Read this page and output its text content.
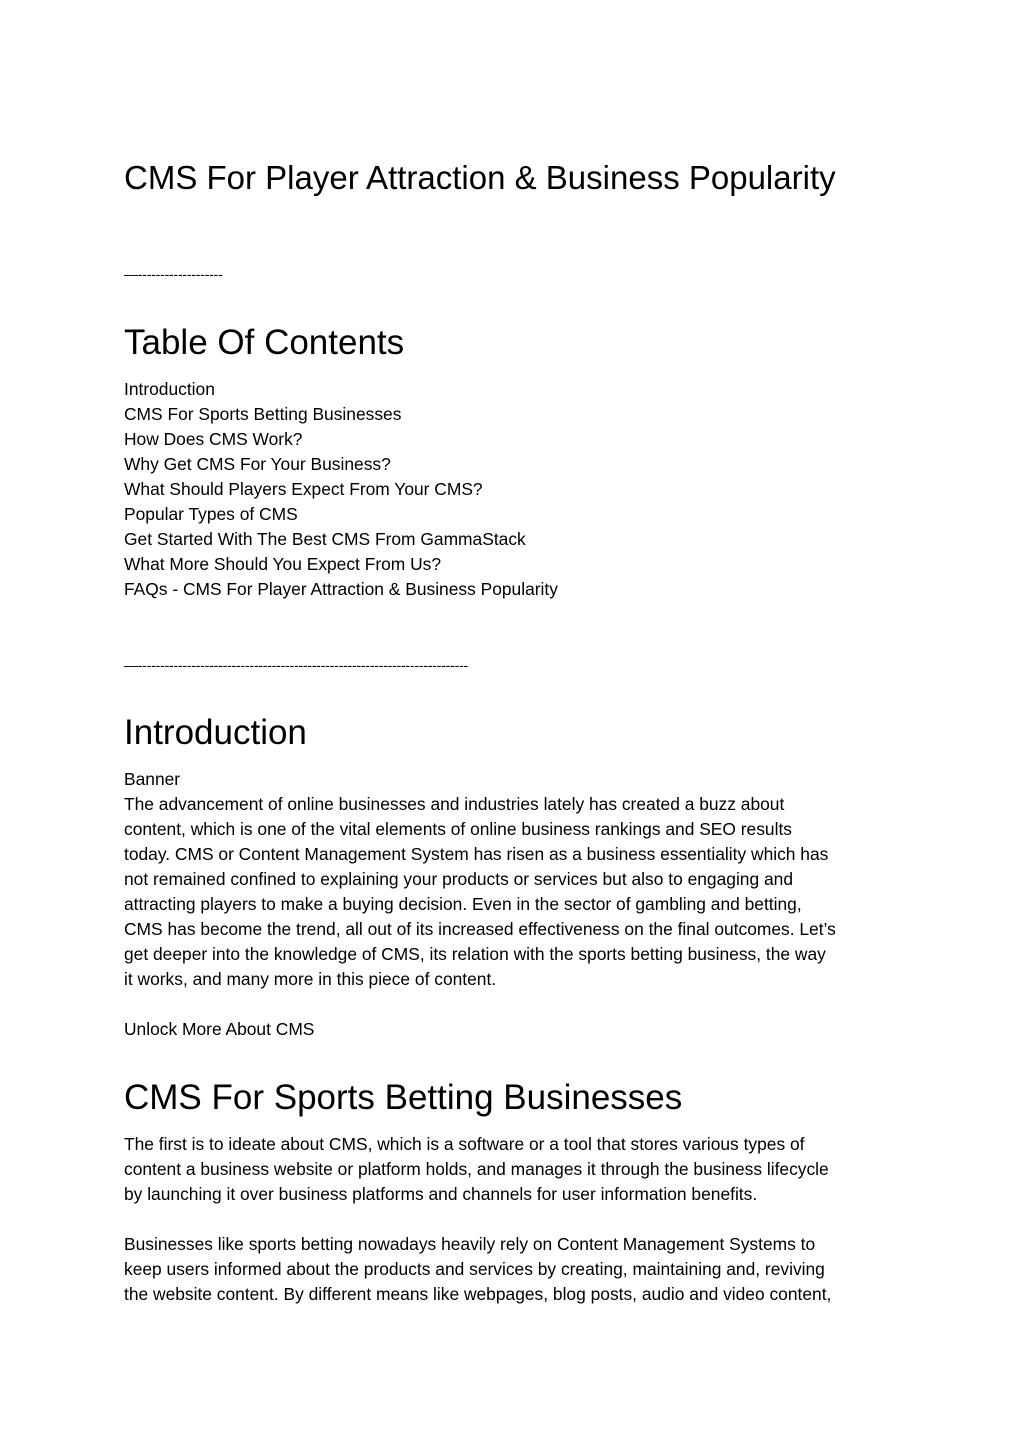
CMS For Player Attraction & Business Popularity
—-------------------
Table Of Contents
Introduction
CMS For Sports Betting Businesses
How Does CMS Work?
Why Get CMS For Your Business?
What Should Players Expect From Your CMS?
Popular Types of CMS
Get Started With The Best CMS From GammaStack
What More Should You Expect From Us?
FAQs - CMS For Player Attraction & Business Popularity
—--------------------------------------------------------------------------
Introduction
Banner
The advancement of online businesses and industries lately has created a buzz about
content, which is one of the vital elements of online business rankings and SEO results
today. CMS or Content Management System has risen as a business essentiality which has
not remained confined to explaining your products or services but also to engaging and
attracting players to make a buying decision. Even in the sector of gambling and betting,
CMS has become the trend, all out of its increased effectiveness on the final outcomes. Let’s
get deeper into the knowledge of CMS, its relation with the sports betting business, the way
it works, and many more in this piece of content.
Unlock More About CMS
CMS For Sports Betting Businesses
The first is to ideate about CMS, which is a software or a tool that stores various types of
content a business website or platform holds, and manages it through the business lifecycle
by launching it over business platforms and channels for user information benefits.
Businesses like sports betting nowadays heavily rely on Content Management Systems to
keep users informed about the products and services by creating, maintaining and, reviving
the website content. By different means like webpages, blog posts, audio and video content,
